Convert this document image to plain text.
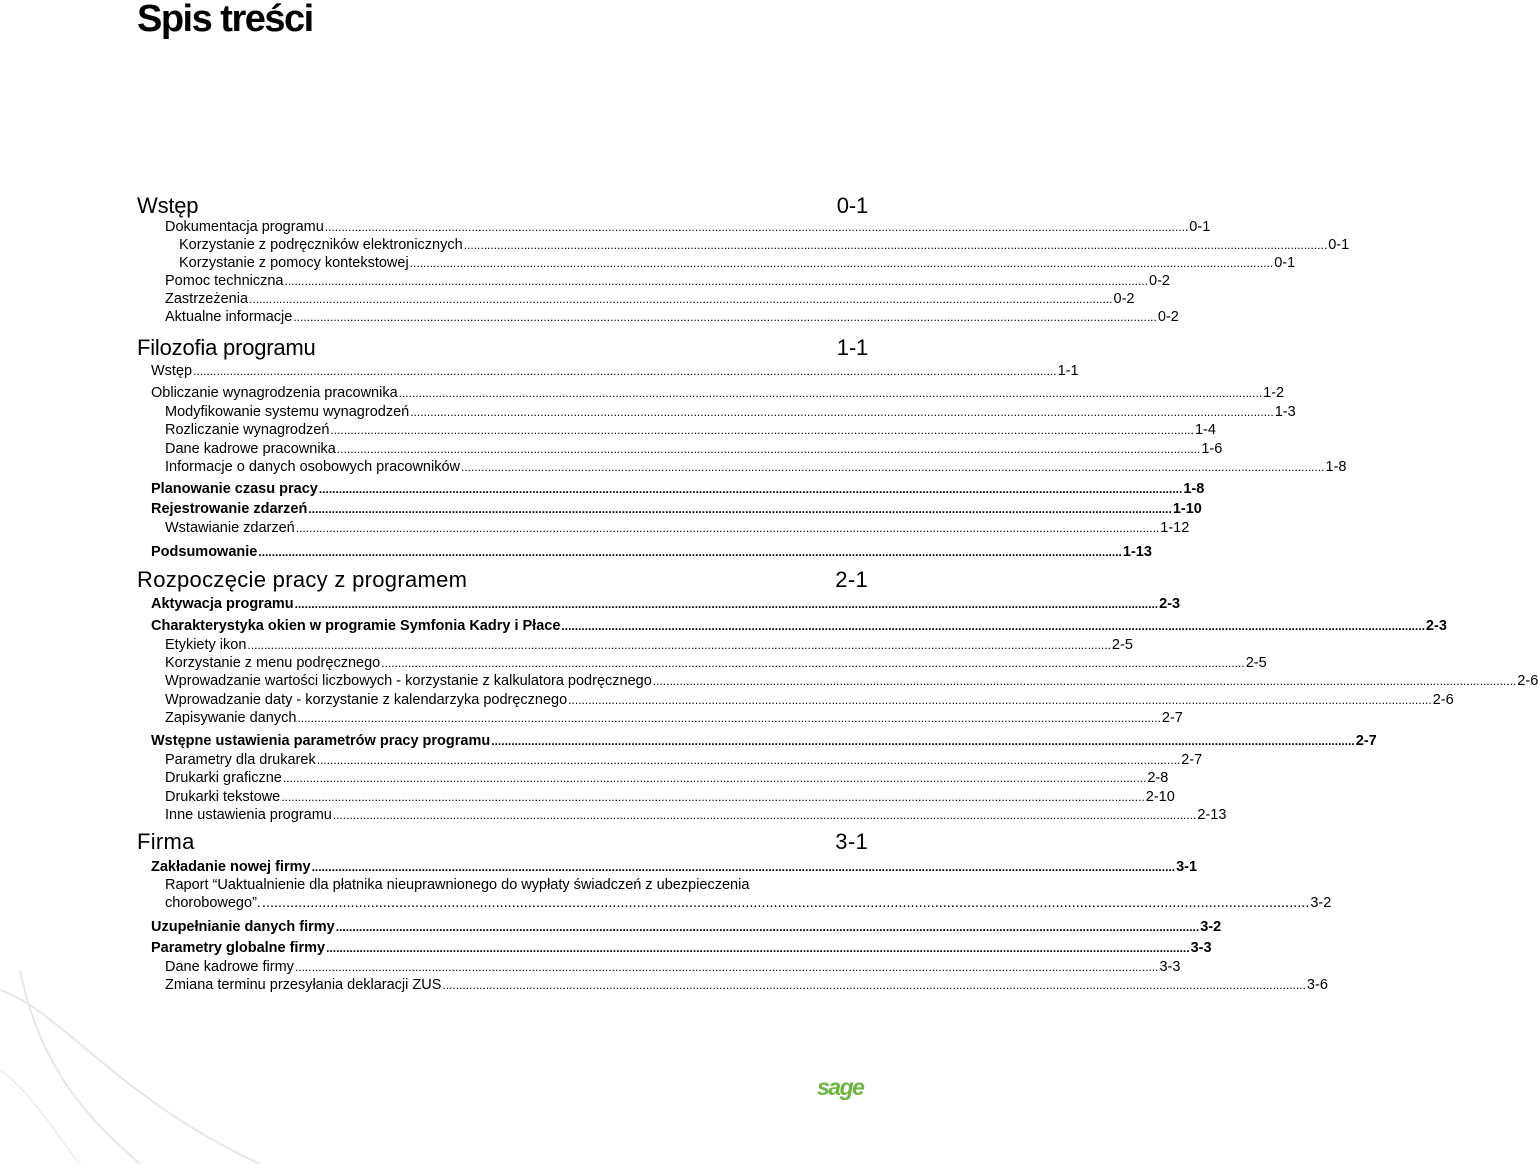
Spis treści
Wstęp	0-1
Dokumentacja programu .....	0-1
Korzystanie z podręczników elektronicznych .....	0-1
Korzystanie z pomocy kontekstowej .....	0-1
Pomoc techniczna .....	0-2
Zastrzeżenia .....	0-2
Aktualne informacje .....	0-2
Filozofia programu	1-1
Wstęp .....	1-1
Obliczanie wynagrodzenia pracownika .....	1-2
Modyfikowanie systemu wynagrodzeń .....	1-3
Rozliczanie wynagrodzeń .....	1-4
Dane kadrowe pracownika .....	1-6
Informacje o danych osobowych pracowników .....	1-8
Planowanie czasu pracy .....	1-8
Rejestrowanie zdarzeń .....	1-10
Wstawianie zdarzeń .....	1-12
Podsumowanie .....	1-13
Rozpoczęcie pracy z programem	2-1
Aktywacja programu .....	2-3
Charakterystyka okien w programie Symfonia Kadry i Płace .....	2-3
Etykiety ikon .....	2-5
Korzystanie z menu podręcznego .....	2-5
Wprowadzanie wartości liczbowych - korzystanie z kalkulatora podręcznego .....	2-6
Wprowadzanie daty - korzystanie z kalendarzyka podręcznego .....	2-6
Zapisywanie danych .....	2-7
Wstępne ustawienia parametrów pracy programu .....	2-7
Parametry dla drukarek .....	2-7
Drukarki graficzne .....	2-8
Drukarki tekstowe .....	2-10
Inne ustawienia programu .....	2-13
Firma	3-1
Zakładanie nowej firmy .....	3-1
Raport “Uaktualnienie dla płatnika nieuprawnionego do wypłaty świadczeń z ubezpieczenia
chorobowego”. .................................................................................................................................................................................................................................................................... 3-2
Uzupełnianie danych firmy .....	3-2
Parametry globalne firmy .....	3-3
Dane kadrowe firmy .....	3-3
Zmiana terminu przesyłania deklaracji ZUS .....	3-6
sage
